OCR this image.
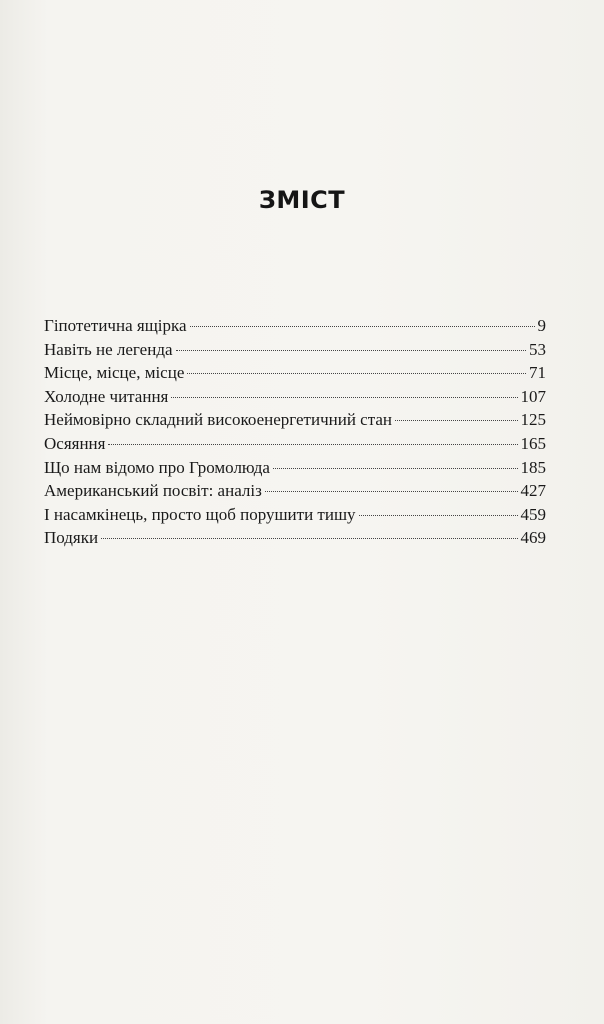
ЗМІСТ
Гіпотетична ящірка	9
Навіть не легенда	53
Місце, місце, місце	71
Холодне читання	107
Неймовірно складний високоенергетичний стан	125
Осяяння	165
Що нам відомо про Громолюда	185
Американський посвіт: аналіз	427
І насамкінець, просто щоб порушити тишу	459
Подяки	469
